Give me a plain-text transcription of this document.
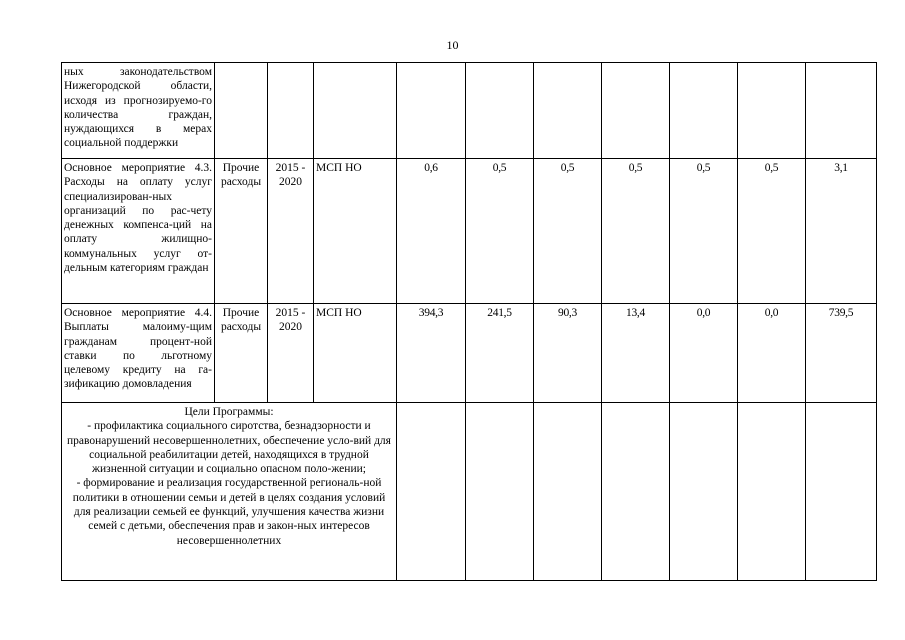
10
ных законодательством Нижегородской области, исходя из прогнозируемо-го количества граждан, нуждающихся в мерах социальной поддержки										
Основное мероприятие 4.3. Расходы на оплату услуг специализирован-ных организаций по рас-чету денежных компенса-ций на оплату жилищно-коммунальных услуг от-дельным категориям граждан	Прочие расходы	2015 - 2020	МСП НО	0,6	0,5	0,5	0,5	0,5	0,5	3,1
Основное мероприятие 4.4. Выплаты малоиму-щим гражданам процент-ной ставки по льготному целевому кредиту на га-зификацию домовладения	Прочие расходы	2015 - 2020	МСП НО	394,3	241,5	90,3	13,4	0,0	0,0	739,5

Цели Программы:
- профилактика социального сиротства, безнадзорности и правонарушений несовершеннолетних, обеспечение усло-вий для социальной реабилитации детей, находящихся в трудной жизненной ситуации и социально опасном поло-жении;
- формирование и реализация государственной региональ-ной политики в отношении семьи и детей в целях создания условий для реализации семьей ее функций, улучшения качества жизни семей с детьми, обеспечения прав и закон-ных интересов несовершеннолетних										
